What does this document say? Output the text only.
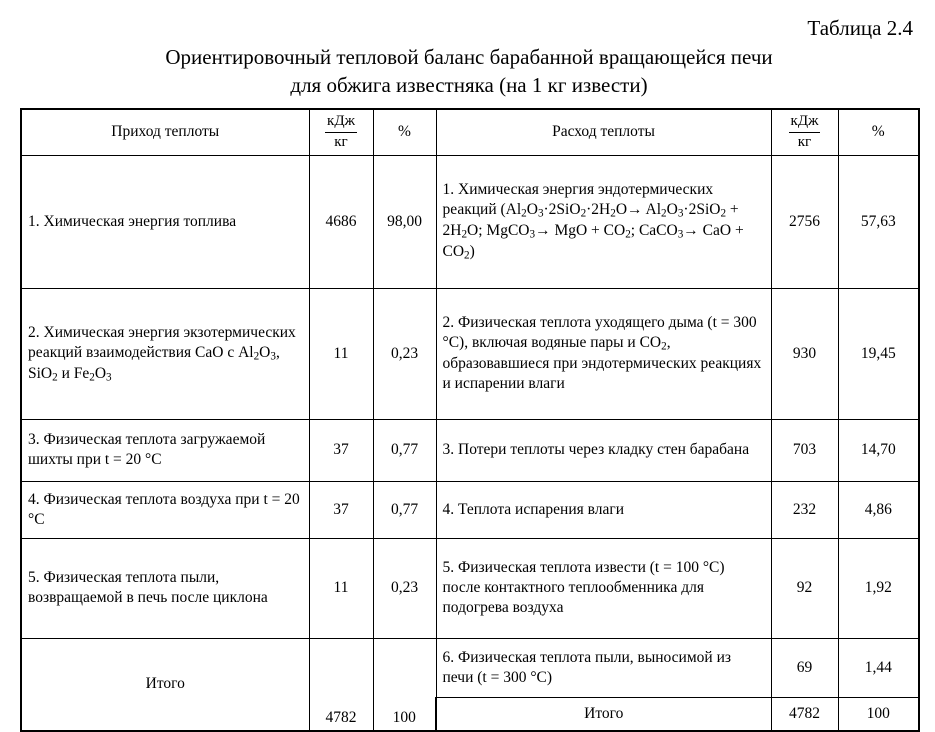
Таблица 2.4
Ориентировочный тепловой баланс барабанной вращающейся печи
для обжига известняка (на 1 кг извести)
Приход теплоты	$\frac{\text{кДж}}{кг}$	%	Расход теплоты	$\frac{\text{кДж}}{кг}$	%
1. Химическая энергия топлива	4686	98,00	1. Химическая энергия эндотермических реакций ($Al_2O_3\cdot 2SiO_2\cdot 2H_2O\to Al_2O_3\cdot 2SiO_2 + 2H_2O$; MgCO$_3$→ MgO + $CO_2$; CaCO$_3$→ CaO + $CO_2$)	2756	57,63
2. Химическая энергия экзотермических реакций взаимодействия CaO с $Al_2O_3$, SiO$_2$ и $Fe_2O_3$	11	0,23	2. Физическая теплота уходящего дыма (t = 300 °C), включая водяные пары и $CO_2$, образовавшиеся при эндотермических реакциях и испарении влаги	930	19,45
3. Физическая теплота загружаемой шихты при t = 20 °C	37	0,77	3. Потери теплоты через кладку стен барабана	703	14,70
4. Физическая теплота воздуха при t = 20 °C	37	0,77	4. Теплота испарения влаги	232	4,86
5. Физическая теплота пыли, возвращаемой в печь после циклона	11	0,23	5. Физическая теплота извести (t = 100 °C) после контактного теплообменника для подогрева воздуха	92	1,92
Итого	4782	100	6. Физическая теплота пыли, выносимой из печи (t = 300 °C)	69	1,44
			Итого	4782	100
